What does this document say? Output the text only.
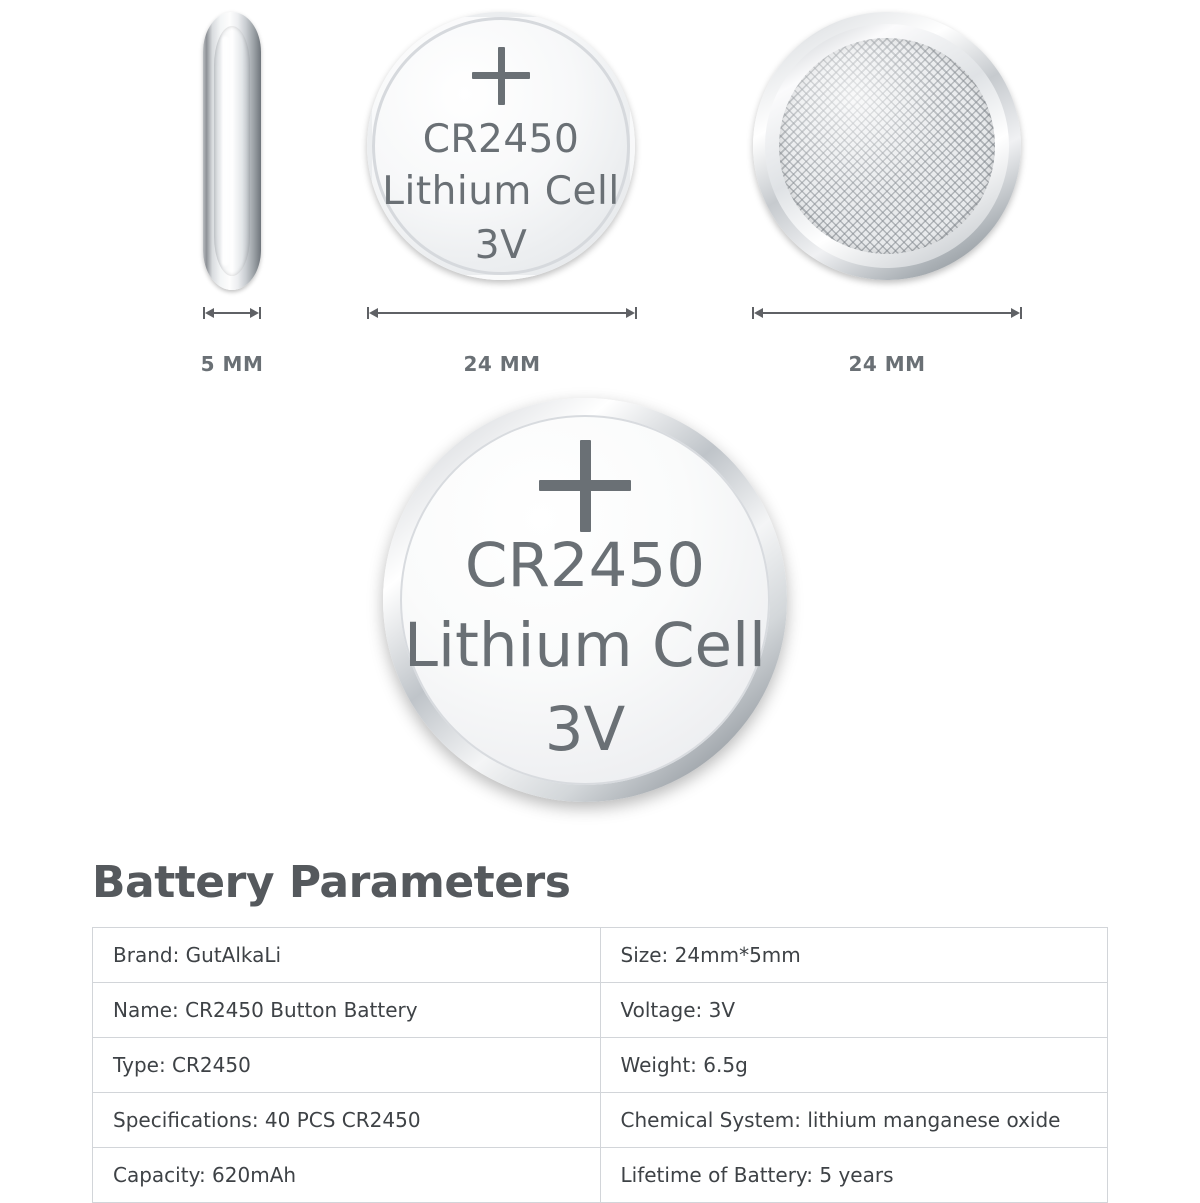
CR2450
Lithium Cell
3V
5 MM	24 MM	24 MM
CR2450
Lithium Cell
3V
Battery Parameters
Brand: GutAlkaLi	Size: 24mm*5mm
Name: CR2450 Button Battery	Voltage: 3V
Type: CR2450	Weight: 6.5g
Specifications: 40 PCS CR2450	Chemical System: lithium manganese oxide
Capacity: 620mAh	Lifetime of Battery: 5 years
